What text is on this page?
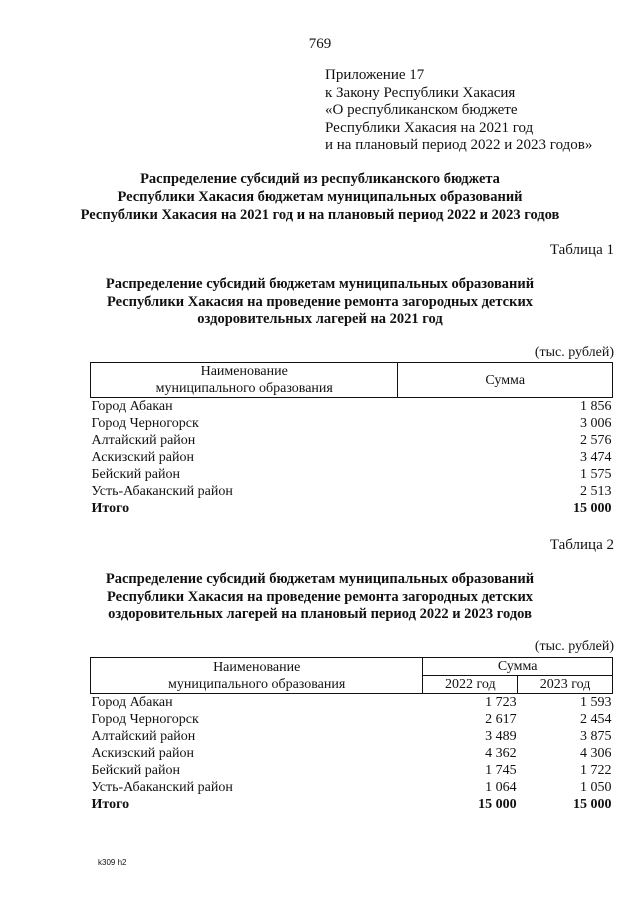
769
Приложение 17
к Закону Республики Хакасия
«О республиканском бюджете
Республики Хакасия на 2021 год
и на плановый период 2022 и 2023 годов»
Распределение субсидий из республиканского бюджета
Республики Хакасия бюджетам муниципальных образований
Республики Хакасия на 2021 год и на плановый период 2022 и 2023 годов
Таблица 1
Распределение субсидий бюджетам муниципальных образований
Республики Хакасия на проведение ремонта загородных детских
оздоровительных лагерей на 2021 год
(тыс. рублей)
Наименование
муниципального образования	Сумма
Город Абакан	1 856
Город Черногорск	3 006
Алтайский район	2 576
Аскизский район	3 474
Бейский район	1 575
Усть-Абаканский район	2 513
Итого	15 000
Таблица 2
Распределение субсидий бюджетам муниципальных образований
Республики Хакасия на проведение ремонта загородных детских
оздоровительных лагерей на плановый период 2022 и 2023 годов
(тыс. рублей)
Наименование
муниципального образования	Сумма	
	2022 год	2023 год
Город Абакан	1 723	1 593
Город Черногорск	2 617	2 454
Алтайский район	3 489	3 875
Аскизский район	4 362	4 306
Бейский район	1 745	1 722
Усть-Абаканский район	1 064	1 050
Итого	15 000	15 000
k309 h2
